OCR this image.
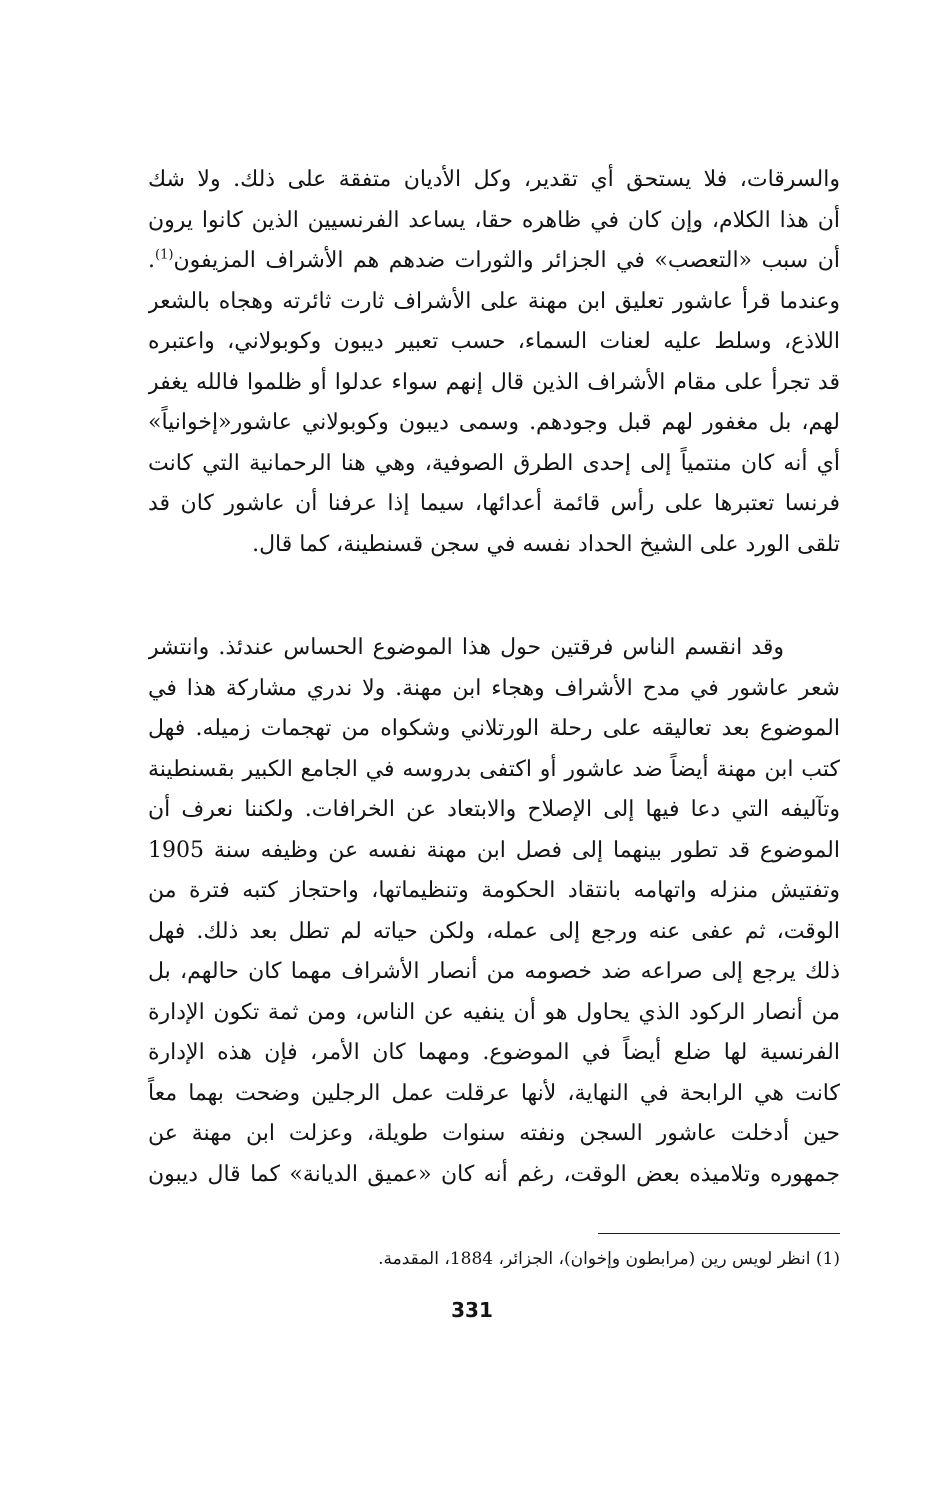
والسرقات، فلا يستحق أي تقدير، وكل الأديان متفقة على ذلك. ولا شك
أن هذا الكلام، وإن كان في ظاهره حقا، يساعد الفرنسيين الذين كانوا يرون
أن سبب «التعصب» في الجزائر والثورات ضدهم هم الأشراف المزيفون$^{(1)}$.
وعندما قرأ عاشور تعليق ابن مهنة على الأشراف ثارت ثائرته وهجاه بالشعر
اللاذع، وسلط عليه لعنات السماء، حسب تعبير ديبون وكوبولاني، واعتبره
قد تجرأ على مقام الأشراف الذين قال إنهم سواء عدلوا أو ظلموا فالله يغفر
لهم، بل مغفور لهم قبل وجودهم. وسمى ديبون وكوبولاني عاشور«إخوانياً»
أي أنه كان منتمياً إلى إحدى الطرق الصوفية، وهي هنا الرحمانية التي كانت
فرنسا تعتبرها على رأس قائمة أعدائها، سيما إذا عرفنا أن عاشور كان قد
تلقى الورد على الشيخ الحداد نفسه في سجن قسنطينة، كما قال.
وقد انقسم الناس فرقتين حول هذا الموضوع الحساس عندئذ. وانتشر
شعر عاشور في مدح الأشراف وهجاء ابن مهنة. ولا ندري مشاركة هذا في
الموضوع بعد تعاليقه على رحلة الورتلاني وشكواه من تهجمات زميله. فهل
كتب ابن مهنة أيضاً ضد عاشور أو اكتفى بدروسه في الجامع الكبير بقسنطينة
وتآليفه التي دعا فيها إلى الإصلاح والابتعاد عن الخرافات. ولكننا نعرف أن
الموضوع قد تطور بينهما إلى فصل ابن مهنة نفسه عن وظيفه سنة 1905
وتفتيش منزله واتهامه بانتقاد الحكومة وتنظيماتها، واحتجاز كتبه فترة من
الوقت، ثم عفى عنه ورجع إلى عمله، ولكن حياته لم تطل بعد ذلك. فهل
ذلك يرجع إلى صراعه ضد خصومه من أنصار الأشراف مهما كان حالهم، بل
من أنصار الركود الذي يحاول هو أن ينفيه عن الناس، ومن ثمة تكون الإدارة
الفرنسية لها ضلع أيضاً في الموضوع. ومهما كان الأمر، فإن هذه الإدارة
كانت هي الرابحة في النهاية، لأنها عرقلت عمل الرجلين وضحت بهما معاً
حين أدخلت عاشور السجن ونفته سنوات طويلة، وعزلت ابن مهنة عن
جمهوره وتلاميذه بعض الوقت، رغم أنه كان «عميق الديانة» كما قال ديبون
(1) انظر لويس رين (مرابطون وإخوان)، الجزائر، 1884، المقدمة.
331
